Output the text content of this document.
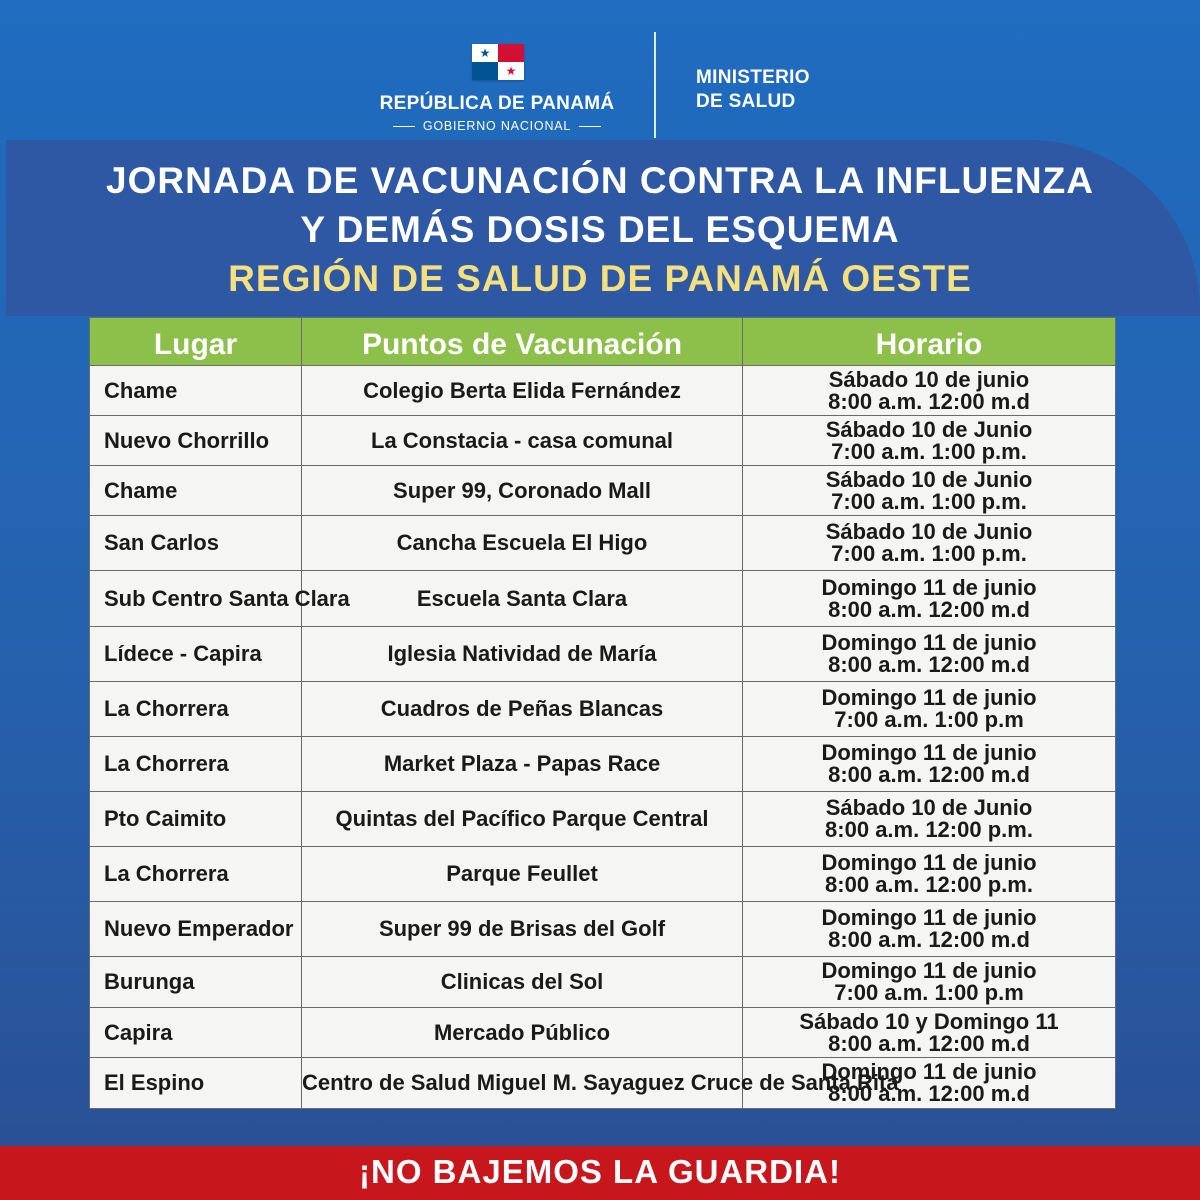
★
★
REPÚBLICA DE PANAMÁ
GOBIERNO NACIONAL
MINISTERIO
DE SALUD
JORNADA DE VACUNACIÓN CONTRA LA INFLUENZA
Y DEMÁS DOSIS DEL ESQUEMA
REGIÓN DE SALUD DE PANAMÁ OESTE
Lugar	Puntos de Vacunación	Horario
Chame	Colegio Berta Elida Fernández	Sábado 10 de junio
8:00 a.m. 12:00 m.d

Nuevo Chorrillo	La Constacia - casa comunal	Sábado 10 de Junio
7:00 a.m. 1:00 p.m.

Chame	Super 99, Coronado Mall	Sábado 10 de Junio
7:00 a.m. 1:00 p.m.

San Carlos	Cancha Escuela El Higo	Sábado 10 de Junio
7:00 a.m. 1:00 p.m.

Sub Centro Santa Clara	Escuela Santa Clara	Domingo 11 de junio
8:00 a.m. 12:00 m.d

Lídece - Capira	Iglesia Natividad de María	Domingo 11 de junio
8:00 a.m. 12:00 m.d

La Chorrera	Cuadros de Peñas Blancas	Domingo 11 de junio
7:00 a.m. 1:00 p.m

La Chorrera	Market Plaza - Papas Race	Domingo 11 de junio
8:00 a.m. 12:00 m.d

Pto Caimito	Quintas del Pacífico Parque Central	Sábado 10 de Junio
8:00 a.m. 12:00 p.m.

La Chorrera	Parque Feullet	Domingo 11 de junio
8:00 a.m. 12:00 p.m.

Nuevo Emperador	Super 99 de Brisas del Golf	Domingo 11 de junio
8:00 a.m. 12:00 m.d

Burunga	Clinicas del Sol	Domingo 11 de junio
7:00 a.m. 1:00 p.m

Capira	Mercado Público	Sábado 10 y Domingo 11
8:00 a.m. 12:00 m.d

El Espino	Centro de Salud Miguel M. Sayaguez Cruce de Santa Rita	Domingo 11 de junio
8:00 a.m. 12:00 m.d
¡NO BAJEMOS LA GUARDIA!
